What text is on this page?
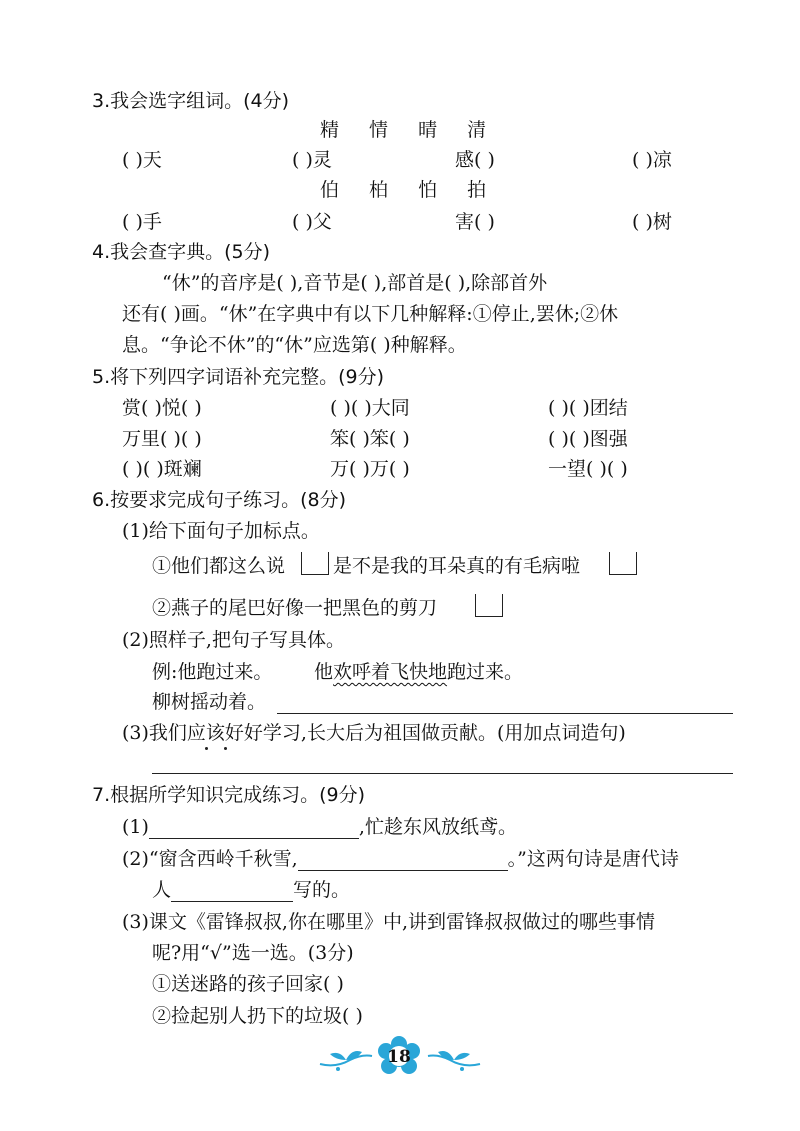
3.我会选字组词。(4分)
精 情 晴 清
( )天	( )灵	感( )	( )凉
伯 柏 怕 拍
( )手	( )父	害( )	( )树
4.我会查字典。(5分)
“休”的音序是( ),音节是( ),部首是( ),除部首外
还有( )画。“休”在字典中有以下几种解释:①停止,罢休;②休
息。“争论不休”的“休”应选第( )种解释。
5.将下列四字词语补充完整。(9分)
赏( )悦( )	( )( )大同	( )( )团结
万里( )( )	笨( )笨( )	( )( )图强
( )( )斑斓	万( )万( )	一望( )( )
6.按要求完成句子练习。(8分)
(1)给下面句子加标点。
①他们都这么说	是不是我的耳朵真的有毛病啦
②燕子的尾巴好像一把黑色的剪刀
(2)照样子,把句子写具体。
例:他跑过来。 他欢呼着飞快地跑过来。
柳树摇动着。
(3)我们应该好好学习,长大后为祖国做贡献。(用加点词造句)
7.根据所学知识完成练习。(9分)
(1)	,忙趁东风放纸鸢。
(2)“窗含西岭千秋雪,	。”这两句诗是唐代诗
人	写的。
(3)课文《雷锋叔叔,你在哪里》中,讲到雷锋叔叔做过的哪些事情
呢?用“√”选一选。(3分)
①送迷路的孩子回家( )
②捡起别人扔下的垃圾( )
18
